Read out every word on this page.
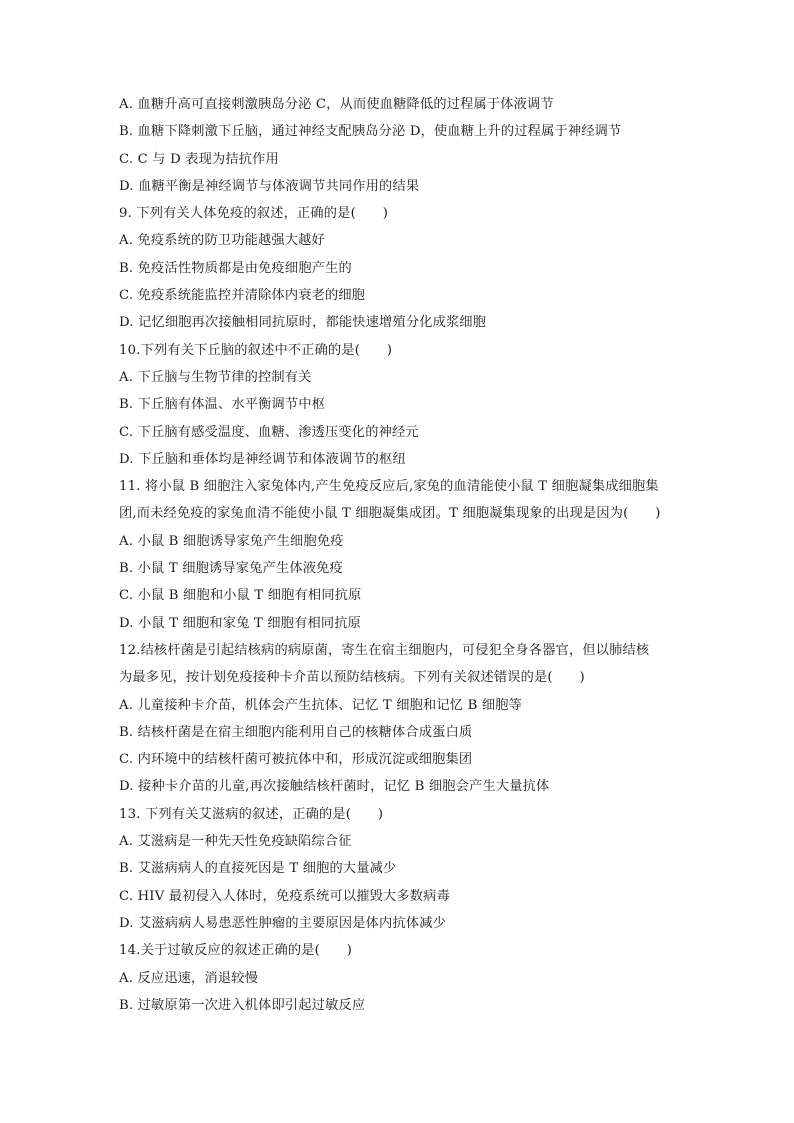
A. 血糖升高可直接刺激胰岛分泌 C，从而使血糖降低的过程属于体液调节
B. 血糖下降刺激下丘脑，通过神经支配胰岛分泌 D，使血糖上升的过程属于神经调节
C. C 与 D 表现为拮抗作用
D. 血糖平衡是神经调节与体液调节共同作用的结果
9. 下列有关人体免疫的叙述，正确的是(　　)
A. 免疫系统的防卫功能越强大越好
B. 免疫活性物质都是由免疫细胞产生的
C. 免疫系统能监控并清除体内衰老的细胞
D. 记忆细胞再次接触相同抗原时，都能快速增殖分化成浆细胞
10.下列有关下丘脑的叙述中不正确的是(　　)
A. 下丘脑与生物节律的控制有关
B. 下丘脑有体温、水平衡调节中枢
C. 下丘脑有感受温度、血糖、渗透压变化的神经元
D. 下丘脑和垂体均是神经调节和体液调节的枢纽
11. 将小鼠 B 细胞注入家兔体内,产生免疫反应后,家兔的血清能使小鼠 T 细胞凝集成细胞集
团,而未经免疫的家兔血清不能使小鼠 T 细胞凝集成团。T 细胞凝集现象的出现是因为(　　)
A. 小鼠 B 细胞诱导家兔产生细胞免疫
B. 小鼠 T 细胞诱导家兔产生体液免疫
C. 小鼠 B 细胞和小鼠 T 细胞有相同抗原
D. 小鼠 T 细胞和家兔 T 细胞有相同抗原
12.结核杆菌是引起结核病的病原菌，寄生在宿主细胞内，可侵犯全身各器官，但以肺结核
为最多见，按计划免疫接种卡介苗以预防结核病。下列有关叙述错误的是(　　)
A. 儿童接种卡介苗，机体会产生抗体、记忆 T 细胞和记忆 B 细胞等
B. 结核杆菌是在宿主细胞内能利用自己的核糖体合成蛋白质
C. 内环境中的结核杆菌可被抗体中和，形成沉淀或细胞集团
D. 接种卡介苗的儿童,再次接触结核杆菌时，记忆 B 细胞会产生大量抗体
13. 下列有关艾滋病的叙述，正确的是(　　)
A. 艾滋病是一种先天性免疫缺陷综合征
B. 艾滋病病人的直接死因是 T 细胞的大量减少
C. HIV 最初侵入人体时，免疫系统可以摧毁大多数病毒
D. 艾滋病病人易患恶性肿瘤的主要原因是体内抗体减少
14.关于过敏反应的叙述正确的是(　　)
A. 反应迅速，消退较慢
B. 过敏原第一次进入机体即引起过敏反应
